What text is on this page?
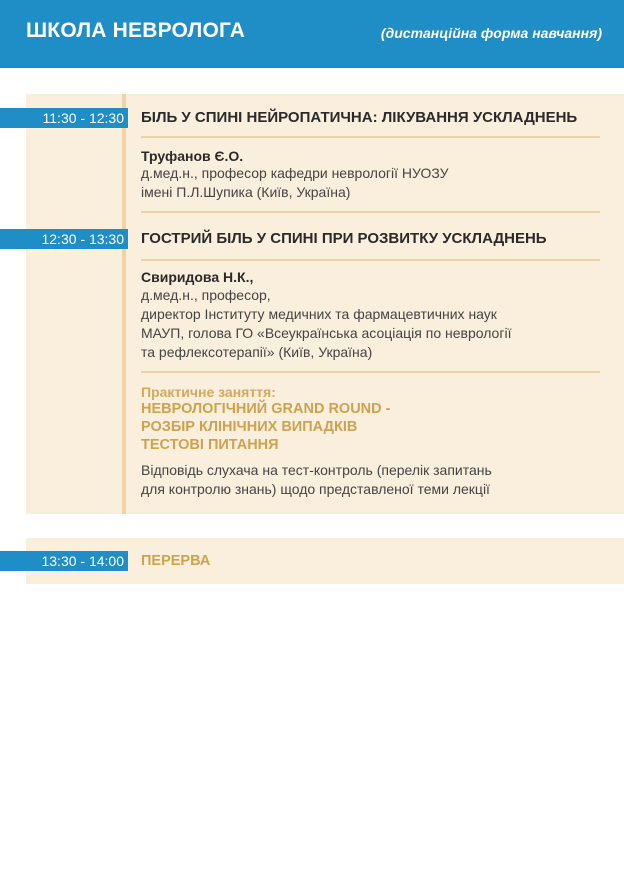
ШКОЛА НЕВРОЛОГА	(дистанційна форма навчання)
11:30 - 12:30 БІЛЬ У СПИНІ НЕЙРОПАТИЧНА: ЛІКУВАННЯ УСКЛАДНЕНЬ
Труфанов Є.О.
д.мед.н., професор кафедри неврології НУОЗУ
імені П.Л.Шупика (Київ, Україна)
12:30 - 13:30 ГОСТРИЙ БІЛЬ У СПИНІ ПРИ РОЗВИТКУ УСКЛАДНЕНЬ
Свиридова Н.К.,
д.мед.н., професор,
директор Інституту медичних та фармацевтичних наук
МАУП, голова ГО «Всеукраїнська асоціація по неврології
та рефлексотерапії» (Київ, Україна)
Практичне заняття:
НЕВРОЛОГІЧНИЙ GRAND ROUND -
РОЗБІР КЛІНІЧНИХ ВИПАДКІВ
ТЕСТОВІ ПИТАННЯ
Відповідь слухача на тест-контроль (перелік запитань
для контролю знань) щодо представленої теми лекції
13:30 - 14:00 ПЕРЕРВА
